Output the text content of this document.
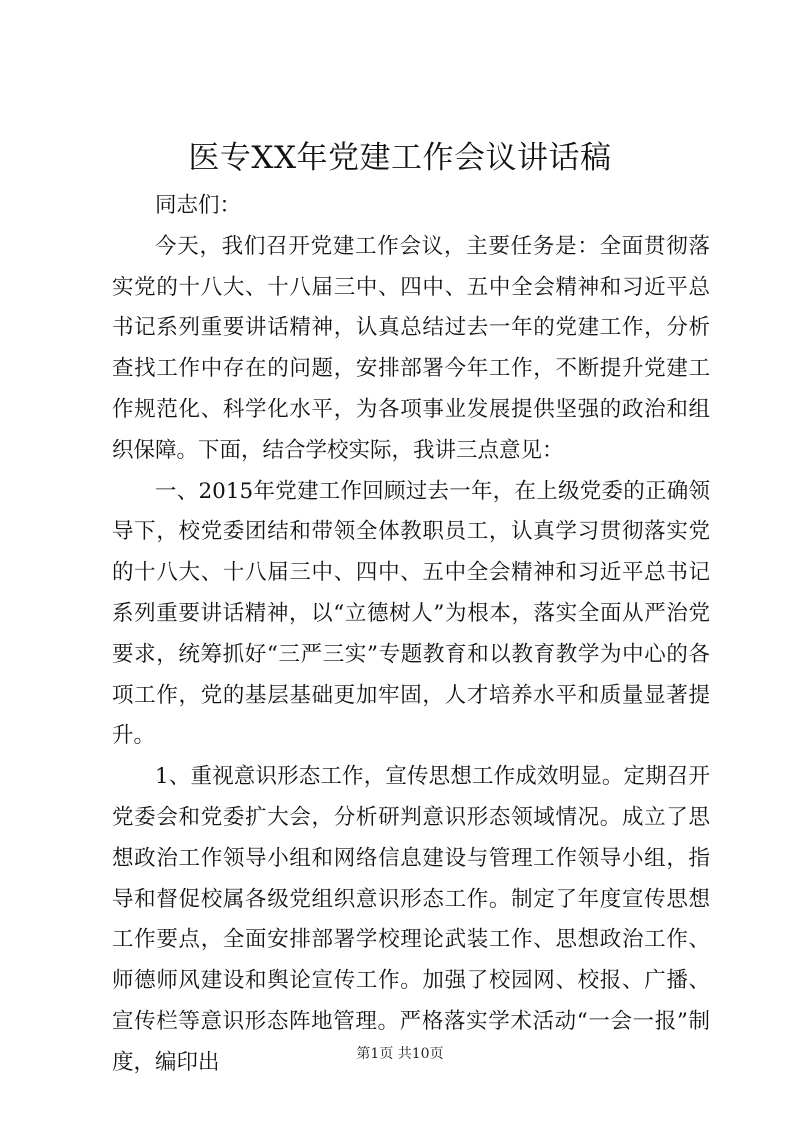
医专XX年党建工作会议讲话稿

同志们：

今天，我们召开党建工作会议，主要任务是：全面贯彻落实党的十八大、十八届三中、四中、五中全会精神和习近平总书记系列重要讲话精神，认真总结过去一年的党建工作，分析查找工作中存在的问题，安排部署今年工作，不断提升党建工作规范化、科学化水平，为各项事业发展提供坚强的政治和组织保障。下面，结合学校实际，我讲三点意见：

一、2015年党建工作回顾过去一年，在上级党委的正确领导下，校党委团结和带领全体教职员工，认真学习贯彻落实党的十八大、十八届三中、四中、五中全会精神和习近平总书记系列重要讲话精神，以“立德树人”为根本，落实全面从严治党要求，统筹抓好“三严三实”专题教育和以教育教学为中心的各项工作，党的基层基础更加牢固，人才培养水平和质量显著提升。

1、重视意识形态工作，宣传思想工作成效明显。定期召开党委会和党委扩大会，分析研判意识形态领域情况。成立了思想政治工作领导小组和网络信息建设与管理工作领导小组，指导和督促校属各级党组织意识形态工作。制定了年度宣传思想工作要点，全面安排部署学校理论武装工作、思想政治工作、师德师风建设和舆论宣传工作。加强了校园网、校报、广播、宣传栏等意识形态阵地管理。严格落实学术活动“一会一报”制度，编印出	第1页 共10页
